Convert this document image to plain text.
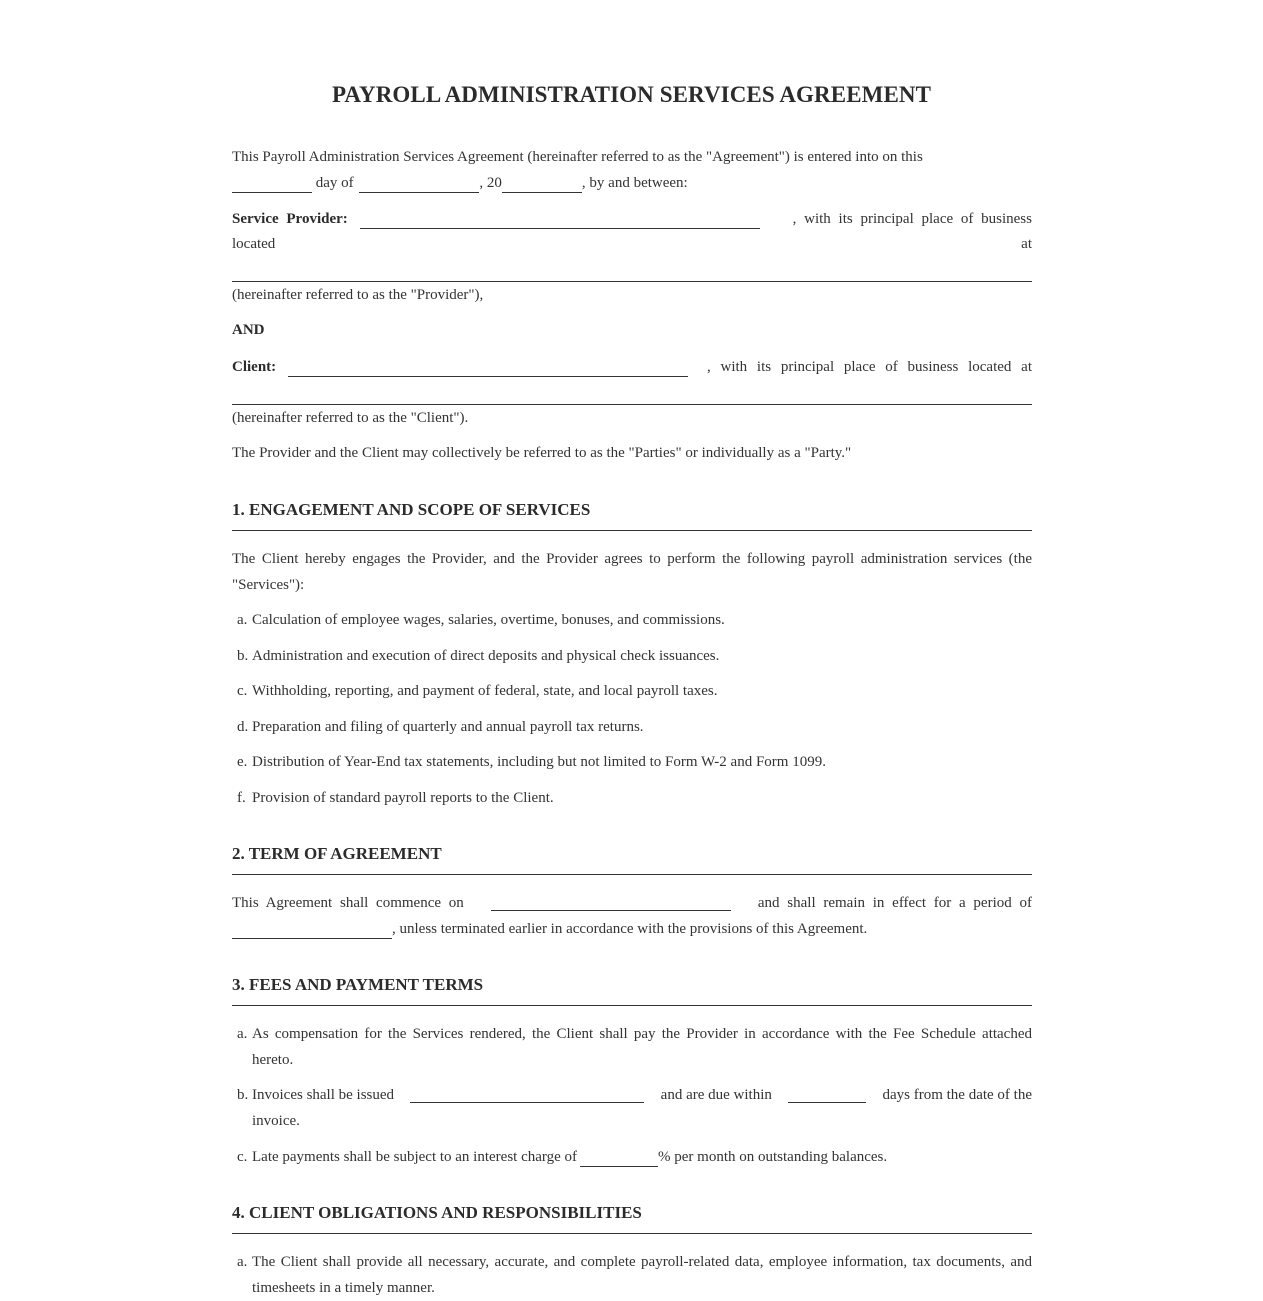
PAYROLL ADMINISTRATION SERVICES AGREEMENT
This Payroll Administration Services Agreement (hereinafter referred to as the "Agreement") is entered into on this
day of	, 20	, by and between:
Service Provider:	, with its principal place of business
located	at
(hereinafter referred to as the "Provider"),
AND
Client:	, with its principal place of business located at
(hereinafter referred to as the "Client").
The Provider and the Client may collectively be referred to as the "Parties" or individually as a "Party."
1. ENGAGEMENT AND SCOPE OF SERVICES
The Client hereby engages the Provider, and the Provider agrees to perform the following payroll administration services (the "Services"):
a. Calculation of employee wages, salaries, overtime, bonuses, and commissions.
b. Administration and execution of direct deposits and physical check issuances.
c. Withholding, reporting, and payment of federal, state, and local payroll taxes.
d. Preparation and filing of quarterly and annual payroll tax returns.
e. Distribution of Year-End tax statements, including but not limited to Form W-2 and Form 1099.
f. Provision of standard payroll reports to the Client.
2. TERM OF AGREEMENT
This Agreement shall commence on	and shall remain in effect for a period of
, unless terminated earlier in accordance with the provisions of this Agreement.
3. FEES AND PAYMENT TERMS
a. As compensation for the Services rendered, the Client shall pay the Provider in accordance with the Fee Schedule attached hereto.
b. Invoices shall be issued	and are due within	days from the date of the
invoice.
c. Late payments shall be subject to an interest charge of	% per month on outstanding balances.
4. CLIENT OBLIGATIONS AND RESPONSIBILITIES
a. The Client shall provide all necessary, accurate, and complete payroll-related data, employee information, tax documents, and timesheets in a timely manner.
